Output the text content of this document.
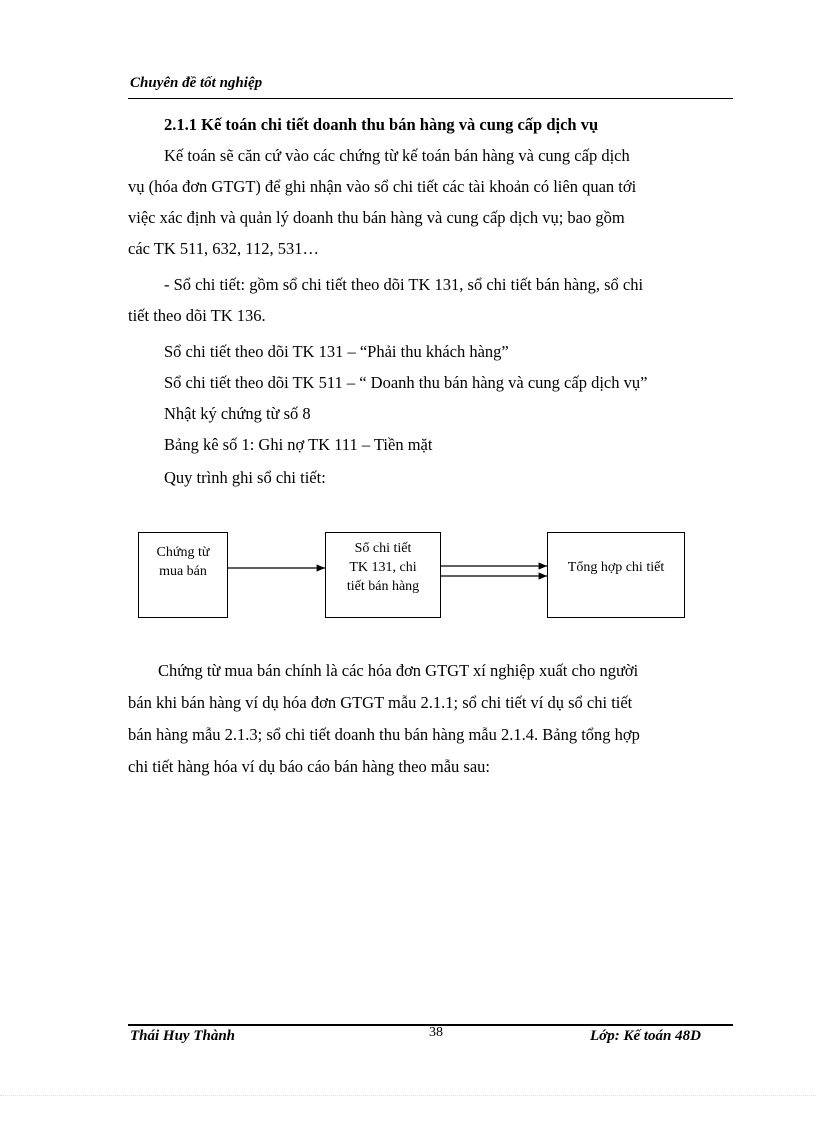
Chuyên đề tốt nghiệp
2.1.1 Kế toán chi tiết doanh thu bán hàng và cung cấp dịch vụ
Kế toán sẽ căn cứ vào các chứng từ kế toán bán hàng và cung cấp dịch
vụ (hóa đơn GTGT) để ghi nhận vào sổ chi tiết các tài khoản có liên quan tới
việc xác định và quản lý doanh thu bán hàng và cung cấp dịch vụ; bao gồm
các TK 511, 632, 112, 531…
- Sổ chi tiết: gồm sổ chi tiết theo dõi TK 131, sổ chi tiết bán hàng, sổ chi
tiết theo dõi TK 136.
Sổ chi tiết theo dõi TK 131 – “Phải thu khách hàng”
Sổ chi tiết theo dõi TK 511 – “ Doanh thu bán hàng và cung cấp dịch vụ”
Nhật ký chứng từ số 8
Bảng kê số 1: Ghi nợ TK 111 – Tiền mặt
Quy trình ghi sổ chi tiết:
Chứng từ
mua bán
Sổ chi tiết
TK 131, chi
tiết bán hàng
Tổng hợp chi tiết
Chứng từ mua bán chính là các hóa đơn GTGT xí nghiệp xuất cho người
bán khi bán hàng ví dụ hóa đơn GTGT mẫu 2.1.1; sổ chi tiết ví dụ sổ chi tiết
bán hàng mẫu 2.1.3; sổ chi tiết doanh thu bán hàng mẫu 2.1.4. Bảng tổng hợp
chi tiết hàng hóa ví dụ báo cáo bán hàng theo mẫu sau:
Thái Huy Thành	38	Lớp: Kế toán 48D
